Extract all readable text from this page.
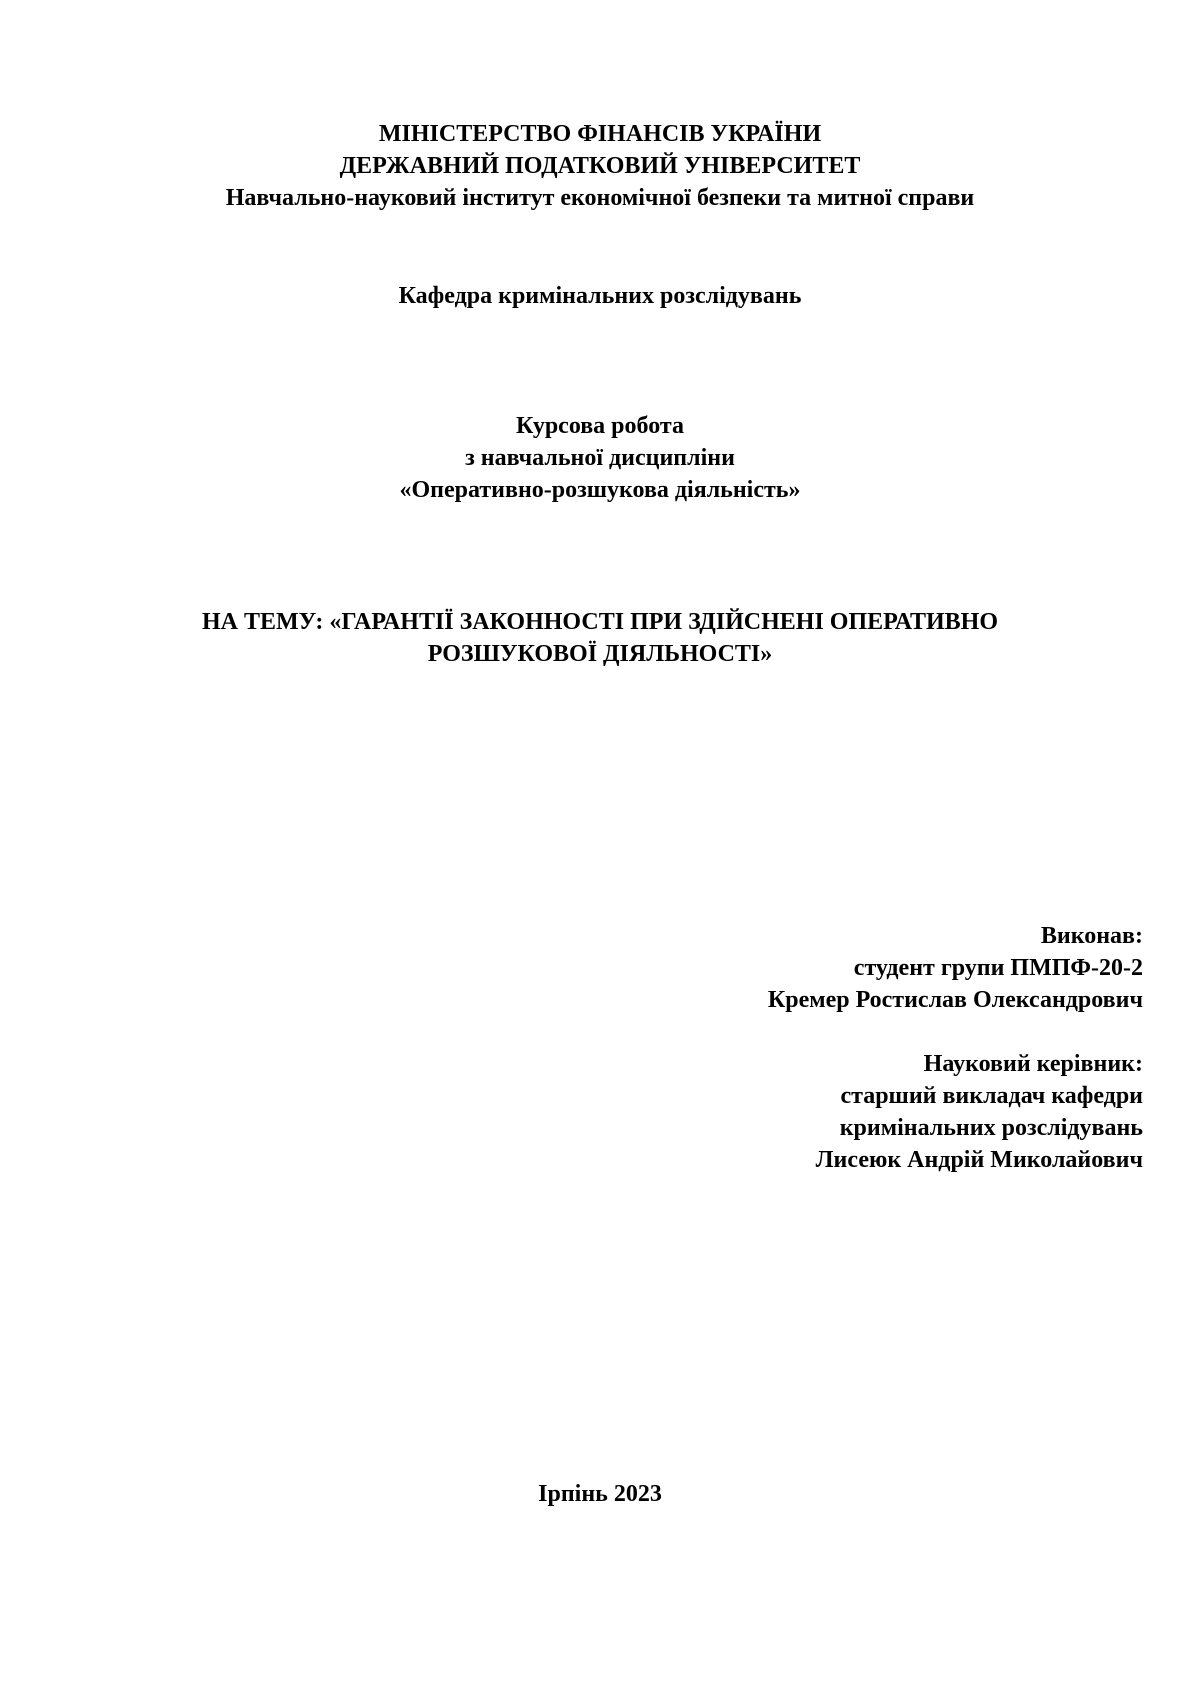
МІНІСТЕРСТВО ФІНАНСІВ УКРАЇНИ
ДЕРЖАВНИЙ ПОДАТКОВИЙ УНІВЕРСИТЕТ
Навчально-науковий інститут економічної безпеки та митної справи
Кафедра кримінальних розслідувань
Курсова робота
з навчальної дисципліни
«Оперативно-розшукова діяльність»
НА ТЕМУ: «ГАРАНТІЇ ЗАКОННОСТІ ПРИ ЗДІЙСНЕНІ ОПЕРАТИВНО
РОЗШУКОВОЇ ДІЯЛЬНОСТІ»
Виконав:
студент групи ПМПФ-20-2
Кремер Ростислав Олександрович
Науковий керівник:
старший викладач кафедри
кримінальних розслідувань
Лисеюк Андрій Миколайович
Ірпінь 2023
